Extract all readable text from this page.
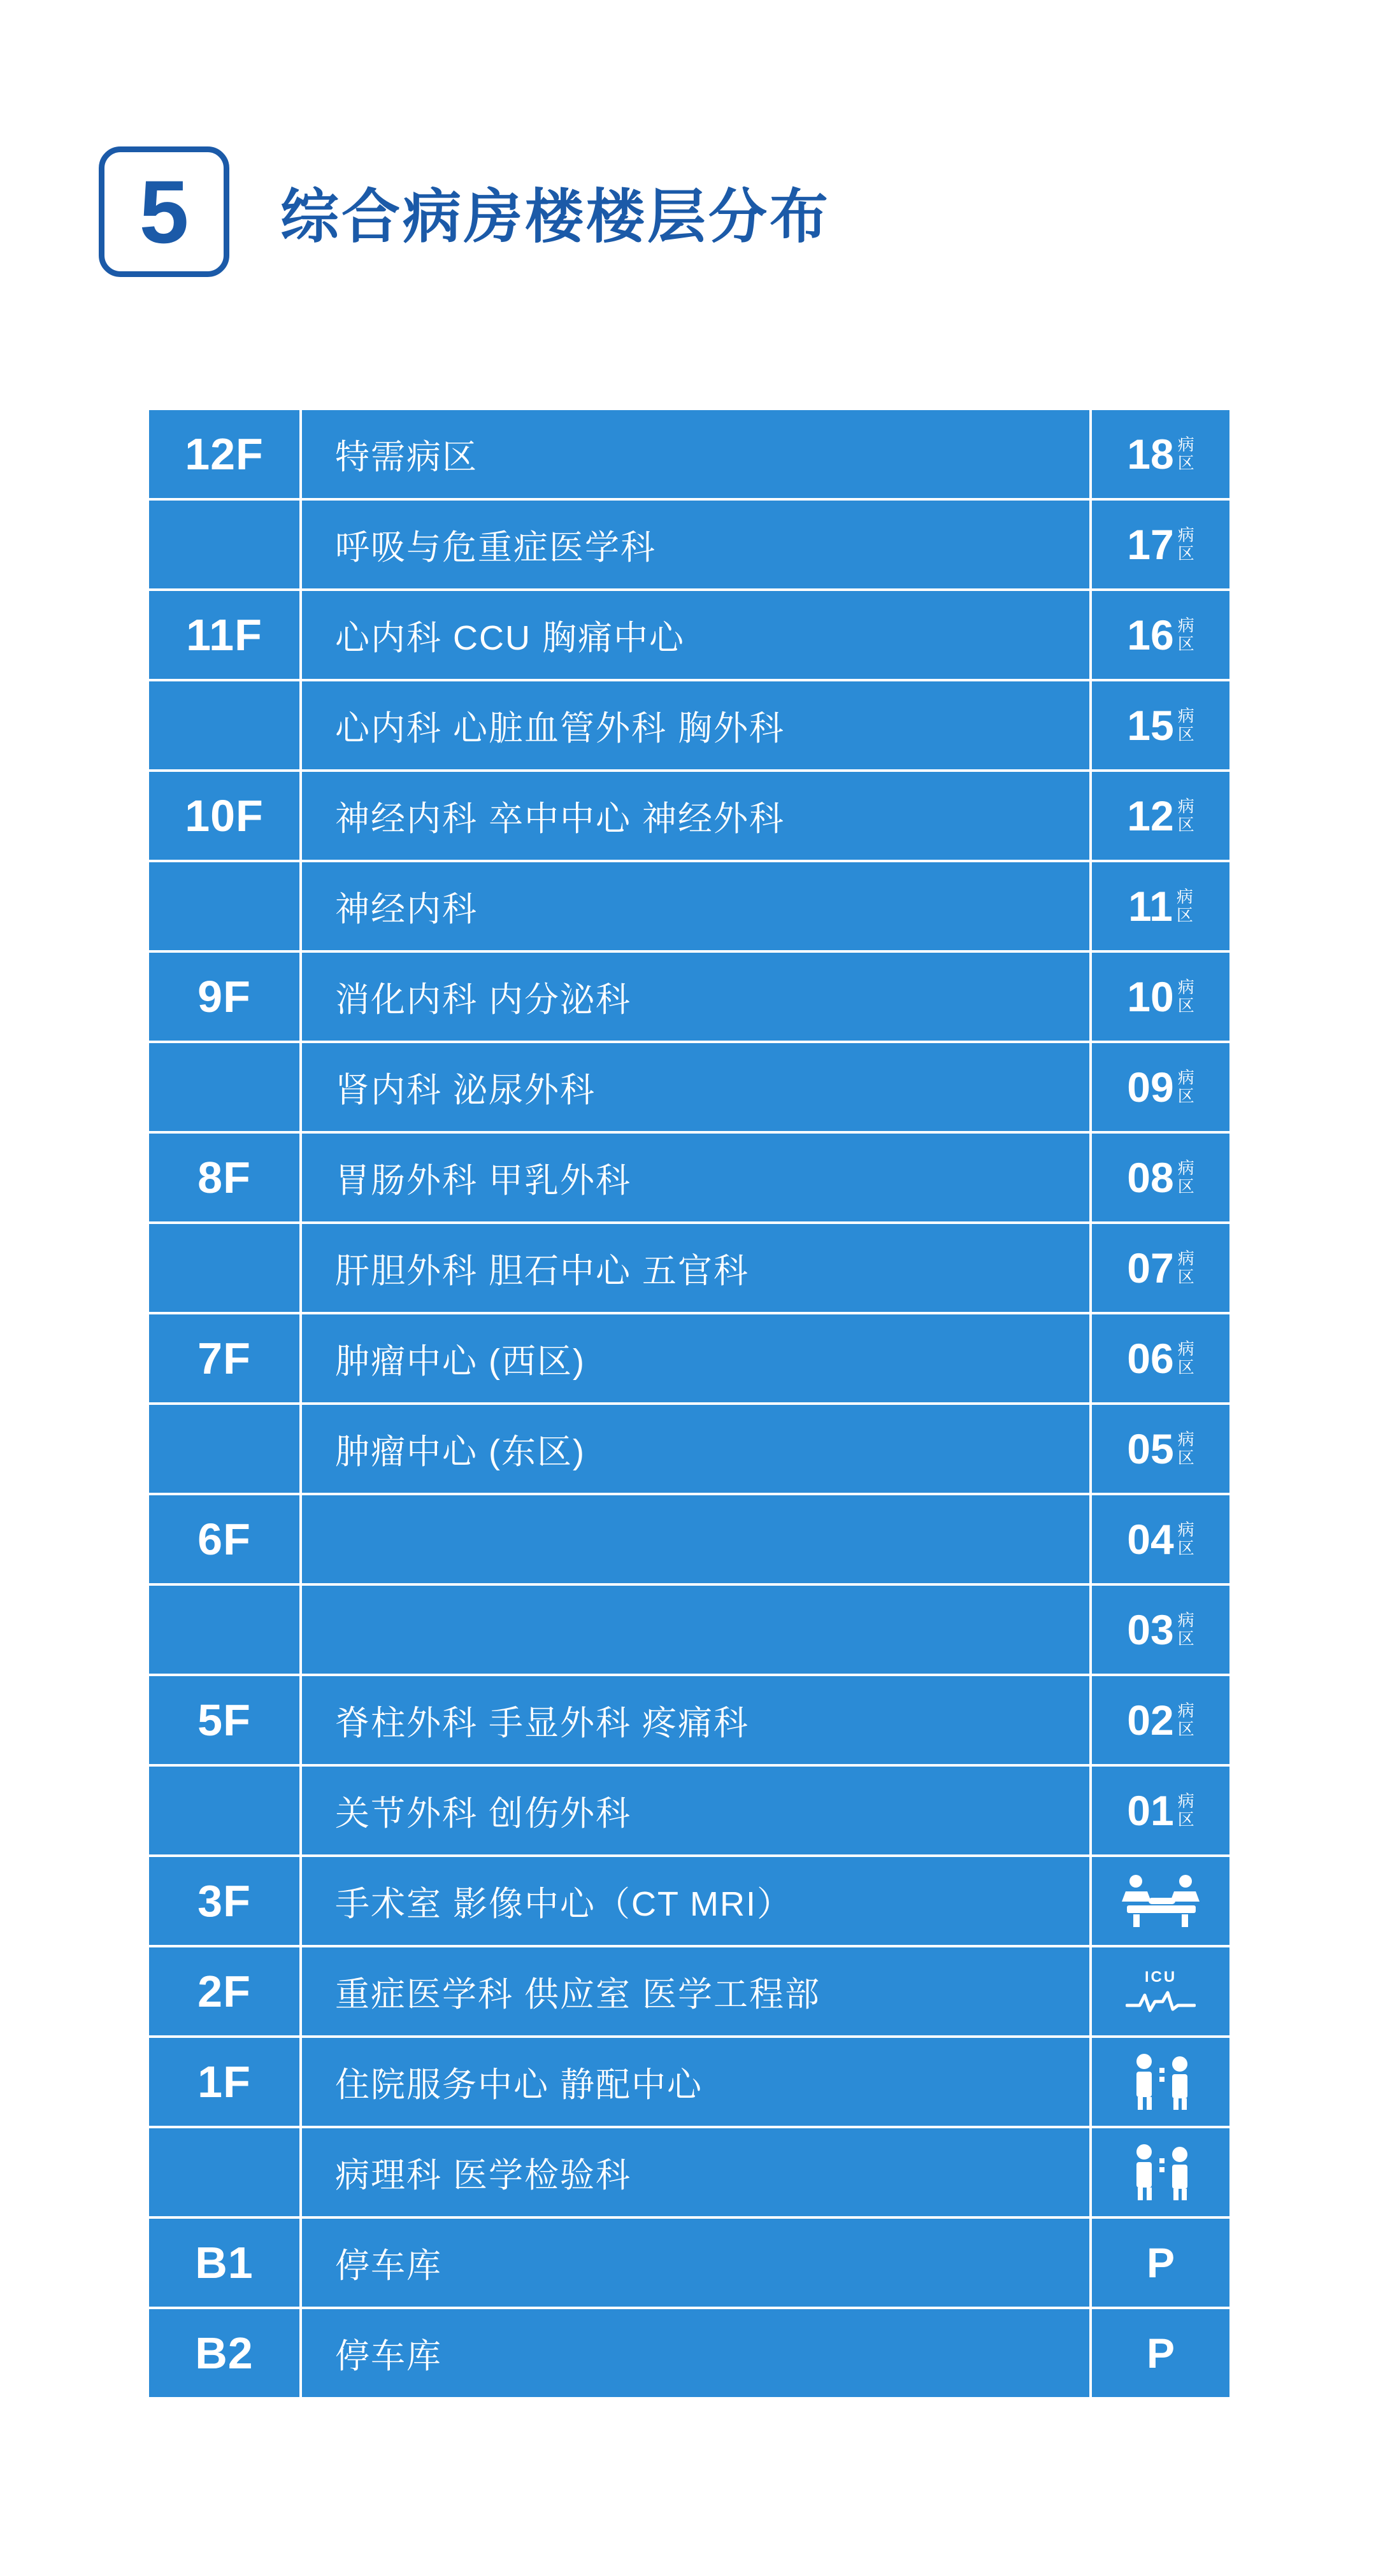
5 综合病房楼楼层分布
12F	特需病区	18 病
区

	呼吸与危重症医学科	17 病
区

11F	心内科 CCU 胸痛中心	16 病
区

	心内科 心脏血管外科 胸外科	15 病
区

10F	神经内科 卒中中心 神经外科	12 病
区

	神经内科	11 病
区

9F	消化内科 内分泌科	10 病
区

	肾内科 泌尿外科	09 病
区

8F	胃肠外科 甲乳外科	08 病
区

	肝胆外科 胆石中心 五官科	07 病
区

7F	肿瘤中心 (西区)	06 病
区

	肿瘤中心 (东区)	05 病
区

6F		04 病
区

		03 病
区

5F	脊柱外科 手显外科 疼痛科	02 病
区

	关节外科 创伤外科	01 病
区

3F	手术室 影像中心（CT MRI）	

2F	重症医学科 供应室 医学工程部	ICU

1F	住院服务中心 静配中心	

	病理科 医学检验科	

B1	停车库	P
B2	停车库	P
